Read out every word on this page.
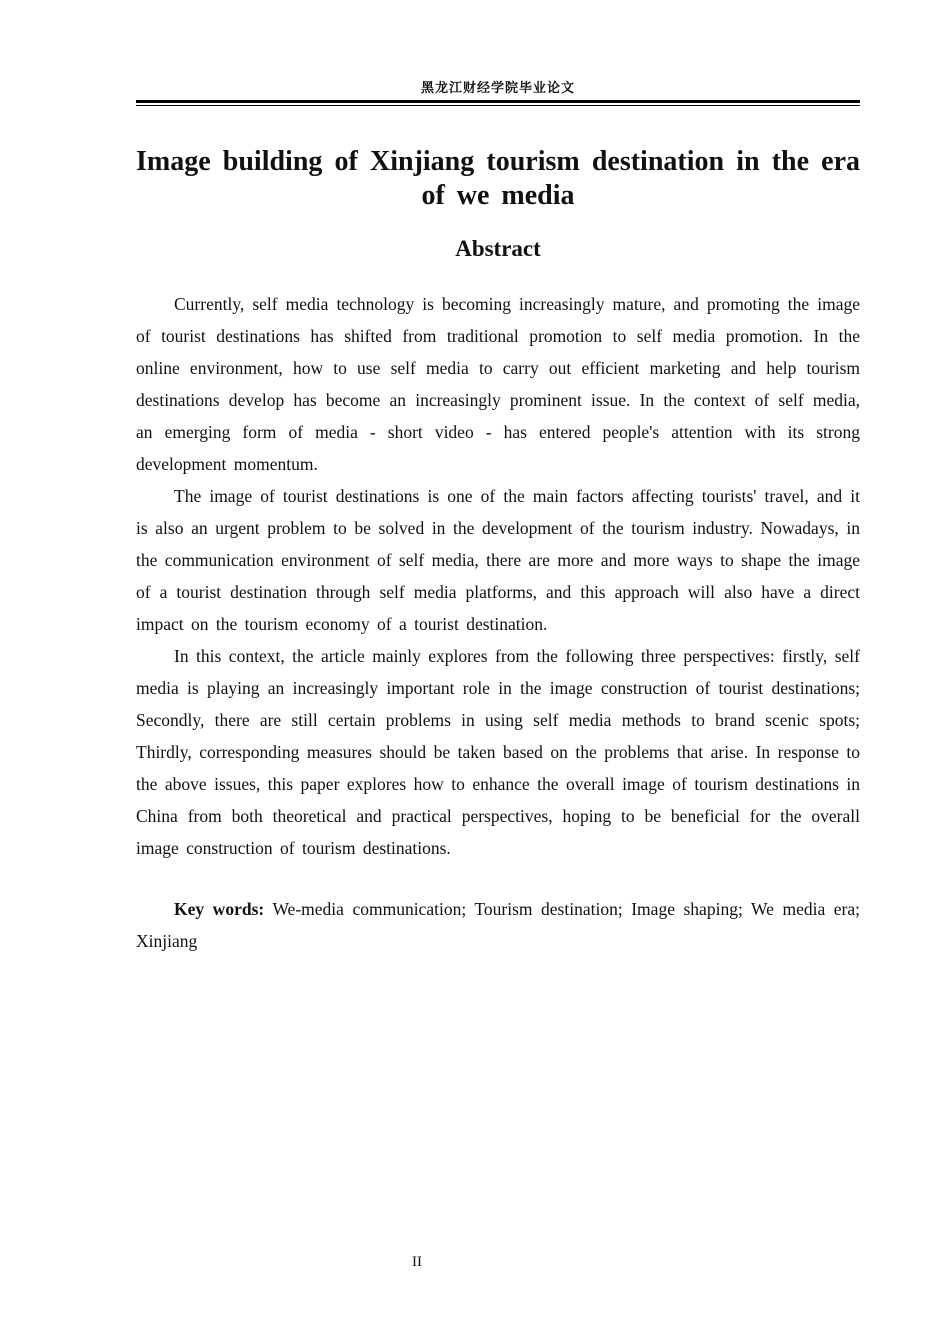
黑龙江财经学院毕业论文
Image building of Xinjiang tourism destination in the era of we media
Abstract

Currently, self media technology is becoming increasingly mature, and promoting the image of tourist destinations has shifted from traditional promotion to self media promotion. In the online environment, how to use self media to carry out efficient marketing and help tourism destinations develop has become an increasingly prominent issue. In the context of self media, an emerging form of media - short video - has entered people's attention with its strong development momentum.

The image of tourist destinations is one of the main factors affecting tourists' travel, and it is also an urgent problem to be solved in the development of the tourism industry. Nowadays, in the communication environment of self media, there are more and more ways to shape the image of a tourist destination through self media platforms, and this approach will also have a direct impact on the tourism economy of a tourist destination.

In this context, the article mainly explores from the following three perspectives: firstly, self media is playing an increasingly important role in the image construction of tourist destinations; Secondly, there are still certain problems in using self media methods to brand scenic spots; Thirdly, corresponding measures should be taken based on the problems that arise. In response to the above issues, this paper explores how to enhance the overall image of tourism destinations in China from both theoretical and practical perspectives, hoping to be beneficial for the overall image construction of tourism destinations.

Key words: We-media communication; Tourism destination; Image shaping; We media era; Xinjiang

II
